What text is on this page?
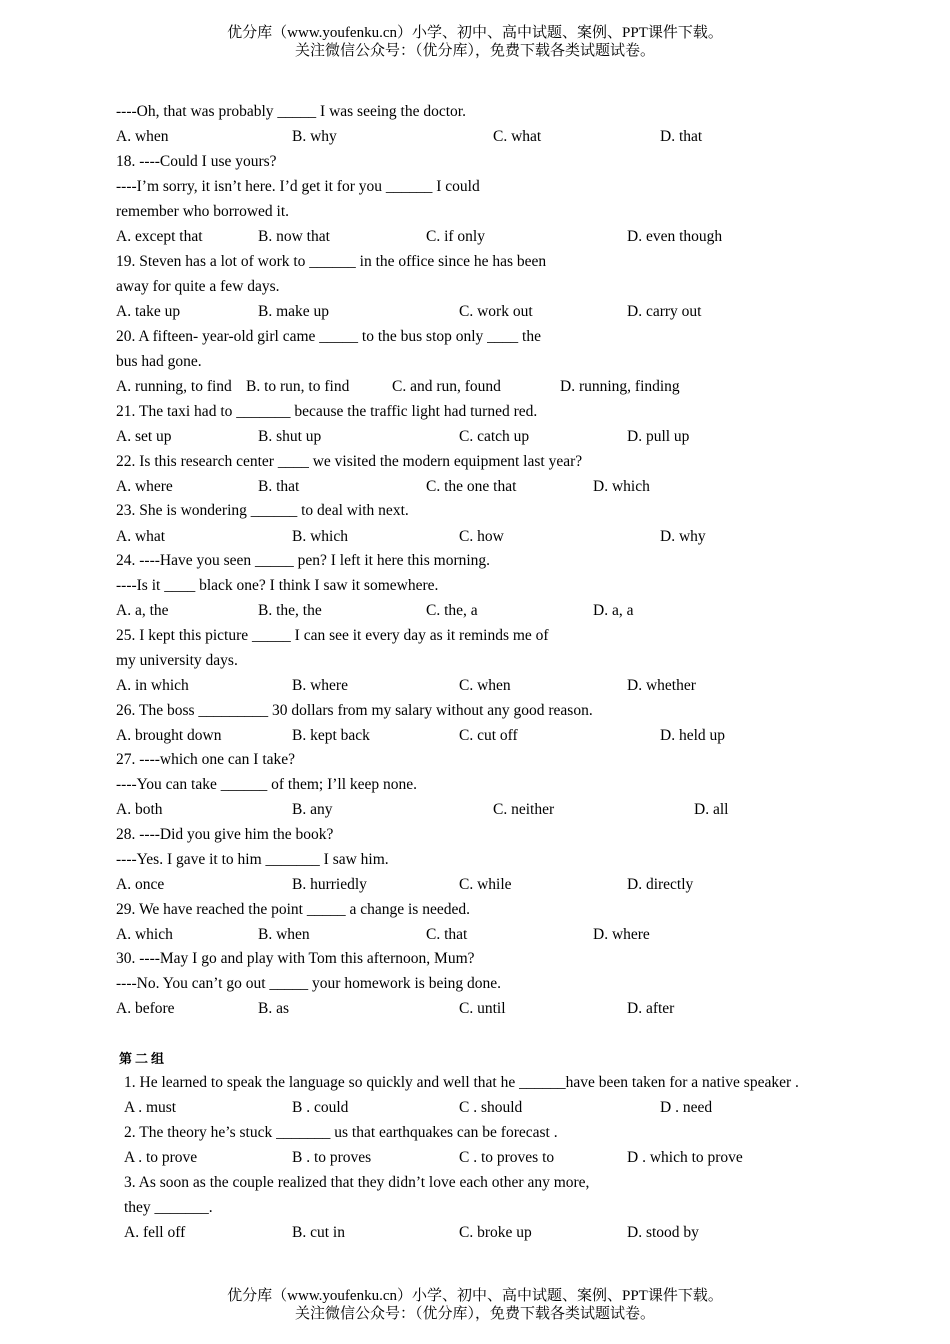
优分库（www.youfenku.cn）小学、初中、高中试题、案例、PPT课件下载。
关注微信公众号：（优分库），免费下载各类试题试卷。
----Oh, that was probably _____ I was seeing the doctor.
A. when	B. why	C. what	D. that
18. ----Could I use yours?
----I’m sorry, it isn’t here. I’d get it for you ______ I could
remember who borrowed it.
A. except that	B. now that	C. if only	D. even though
19. Steven has a lot of work to ______ in the office since he has been
away for quite a few days.
A. take up	B. make up	C. work out	D. carry out
20. A fifteen- year-old girl came _____ to the bus stop only ____ the
bus had gone.
A. running, to find B. to run, to find	C. and run, found	D. running, finding
21. The taxi had to _______ because the traffic light had turned red.
A. set up	B. shut up	C. catch up	D. pull up
22. Is this research center ____ we visited the modern equipment last year?
A. where	B. that	C. the one that	D. which
23. She is wondering ______ to deal with next.
A. what	B. which	C. how	D. why
24. ----Have you seen _____ pen? I left it here this morning.
----Is it ____ black one? I think I saw it somewhere.
A. a, the	B. the, the	C. the, a	D. a, a
25. I kept this picture _____ I can see it every day as it reminds me of
my university days.
A. in which	B. where	C. when	D. whether
26. The boss _________ 30 dollars from my salary without any good reason.
A. brought down	B. kept back	C. cut off	D. held up
27. ----which one can I take?
----You can take ______ of them; I’ll keep none.
A. both	B. any	C. neither	D. all
28. ----Did you give him the book?
----Yes. I gave it to him _______ I saw him.
A. once	B. hurriedly	C. while	D. directly
29. We have reached the point _____ a change is needed.
A. which	B. when	C. that	D. where
30. ----May I go and play with Tom this afternoon, Mum?
----No. You can’t go out _____ your homework is being done.
A. before	B. as	C. until	D. after
第二组
1. He learned to speak the language so quickly and well that he ______have been taken for a native speaker .
A . must	B . could	C . should	D . need
2. The theory he’s stuck _______ us that earthquakes can be forecast .
A . to prove	B . to proves	C . to proves to	D . which to prove
3. As soon as the couple realized that they didn’t love each other any more,
they _______.
A. fell off	B. cut in	C. broke up	D. stood by
优分库（www.youfenku.cn）小学、初中、高中试题、案例、PPT课件下载。
关注微信公众号：（优分库），免费下载各类试题试卷。
